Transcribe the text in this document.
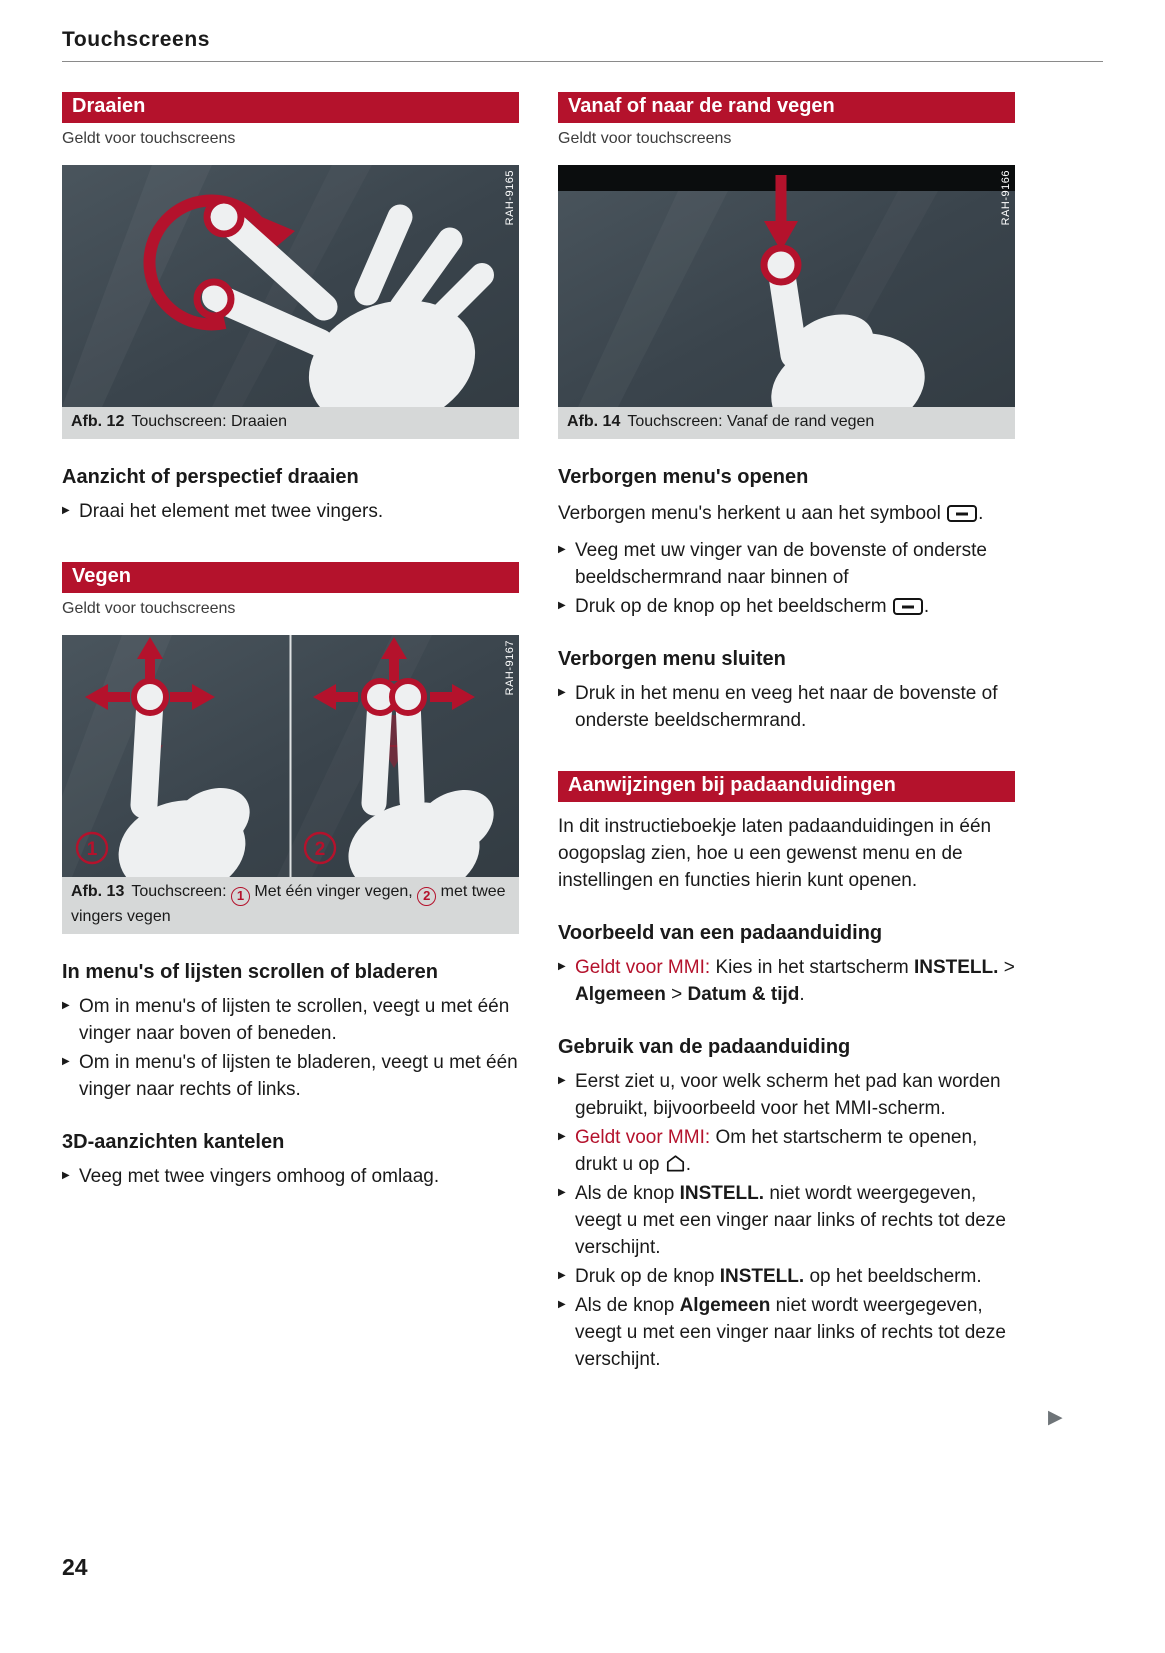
Touchscreens
Draaien
Geldt voor touchscreens
RAH-9165
Afb. 12 Touchscreen: Draaien
Aanzicht of perspectief draaien
▶ Draai het element met twee vingers.
Vegen
Geldt voor touchscreens
1	2
RAH-9167
Afb. 13 Touchscreen: 1 Met één vinger vegen, 2 met twee vingers vegen
In menu's of lijsten scrollen of bladeren
▶ Om in menu's of lijsten te scrollen, veegt u met één vinger naar boven of beneden.
▶ Om in menu's of lijsten te bladeren, veegt u met één vinger naar rechts of links.
3D-aanzichten kantelen
▶ Veeg met twee vingers omhoog of omlaag.
Vanaf of naar de rand vegen
Geldt voor touchscreens
RAH-9166
Afb. 14 Touchscreen: Vanaf de rand vegen
Verborgen menu's openen

Verborgen menu's herkent u aan het symbool .

▶ Veeg met uw vinger van de bovenste of onderste beeldschermrand naar binnen of
▶ Druk op de knop op het beeldscherm .
Verborgen menu sluiten
▶ Druk in het menu en veeg het naar de bovenste of onderste beeldschermrand.
Aanwijzingen bij padaanduidingen

In dit instructieboekje laten padaanduidingen in één oogopslag zien, hoe u een gewenst menu en de instellingen en functies hierin kunt openen.

Voorbeeld van een padaanduiding
▶ Geldt voor MMI: Kies in het startscherm INSTELL. > Algemeen > Datum & tijd.
Gebruik van de padaanduiding
▶ Eerst ziet u, voor welk scherm het pad kan worden gebruikt, bijvoorbeeld voor het MMI-scherm.
▶ Geldt voor MMI: Om het startscherm te openen, drukt u op .
▶ Als de knop INSTELL. niet wordt weergegeven, veegt u met een vinger naar links of rechts tot deze verschijnt.
▶ Druk op de knop INSTELL. op het beeldscherm.
▶ Als de knop Algemeen niet wordt weergegeven, veegt u met een vinger naar links of rechts tot deze verschijnt.
▶
24
